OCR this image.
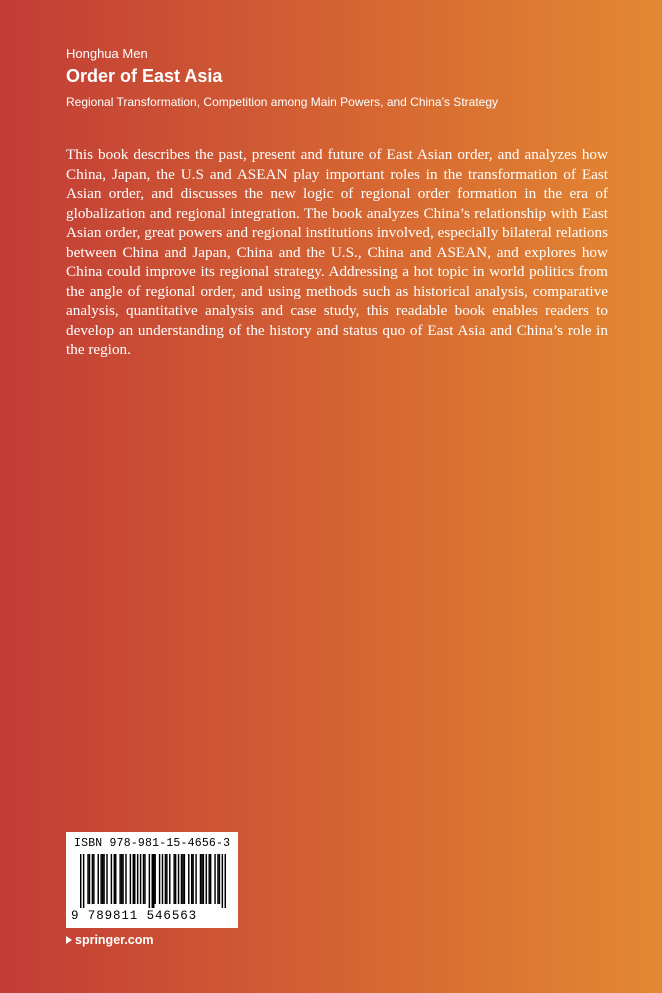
Honghua Men
Order of East Asia
Regional Transformation, Competition among Main Powers, and China’s Strategy

This book describes the past, present and future of East Asian order, and analyzes how China, Japan, the U.S and ASEAN play important roles in the transformation of East Asian order, and discusses the new logic of regional order formation in the era of globalization and regional integration. The book analyzes China’s relationship with East Asian order, great powers and regional institutions involved, especially bilateral relations between China and Japan, China and the U.S., China and ASEAN, and explores how China could improve its regional strategy. Addressing a hot topic in world politics from the angle of regional order, and using methods such as historical analysis, comparative analysis, quantitative analysis and case study, this readable book enables readers to develop an understanding of the history and status quo of East Asia and China’s role in the region.

ISBN 978-981-15-4656-3
9 789811 546563
springer.com
